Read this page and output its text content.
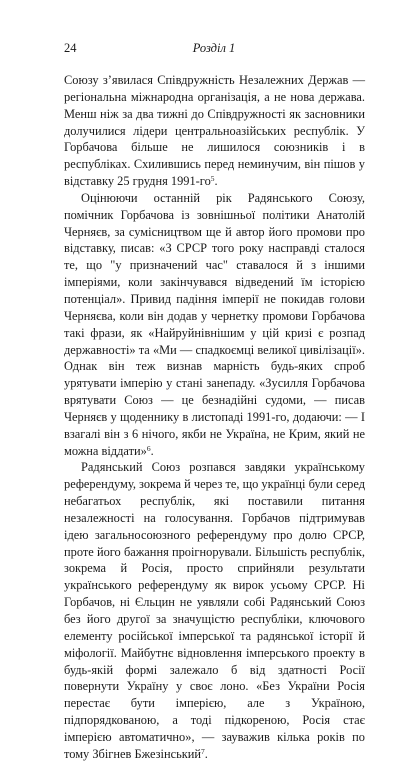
24	Розділ 1

Союзу з’явилася Співдружність Незалежних Держав — регіональна міжнародна організація, а не нова держава. Менш ніж за два тижні до Співдружності як засновники долучилися лідери центральноазійських республік. У Горбачова більше не лишилося союзників і в республіках. Схилившись перед неминучим, він пішов у відставку 25 грудня $1991-го^5$.

Оцінюючи останній рік Радянського Союзу, помічник Горбачова із зовнішньої політики Анатолій Черняєв, за сумісництвом ще й автор його промови про відставку, писав: «З СРСР того року насправді сталося те, що "у призначений час" ставалося й з іншими імперіями, коли закінчувався відведений їм історією потенціал». Привид падіння імперії не покидав голови Черняєва, коли він додав у чернетку промови Горбачова такі фрази, як «Найруйнівнішим у цій кризі є розпад державності» та «Ми — спадкоємці великої цивілізації». Однак він теж визнав марність будь-яких спроб урятувати імперію у стані занепаду. «Зусилля Горбачова врятувати Союз — це безнадійні судоми, — писав Черняєв у щоденнику в листопаді 1991-го, додаючи: — І взагалі він з 6 нічого, якби не Україна, не Крим, який не можна віддати»$^6$.

Радянський Союз розпався завдяки українському референдуму, зокрема й через те, що українці були серед небагатьох республік, які поставили питання незалежності на голосування. Горбачов підтримував ідею загальносоюзного референдуму про долю СРСР, проте його бажання проігнорували. Більшість республік, зокрема й Росія, просто сприйняли результати українського референдуму як вирок усьому СРСР. Ні Горбачов, ні Єльцин не уявляли собі Радянський Союз без його другої за значущістю республіки, ключового елементу російської імперської та радянської історії й міфології. Майбутнє відновлення імперського проекту в будь-якій формі залежало б від здатності Росії повернути Україну у своє лоно. «Без України Росія перестає бути імперією, але з Україною, підпорядкованою, а тоді підкореною, Росія стає імперією автоматично», — зауважив кілька років по тому Збігнев Бжезінський$^7$.
